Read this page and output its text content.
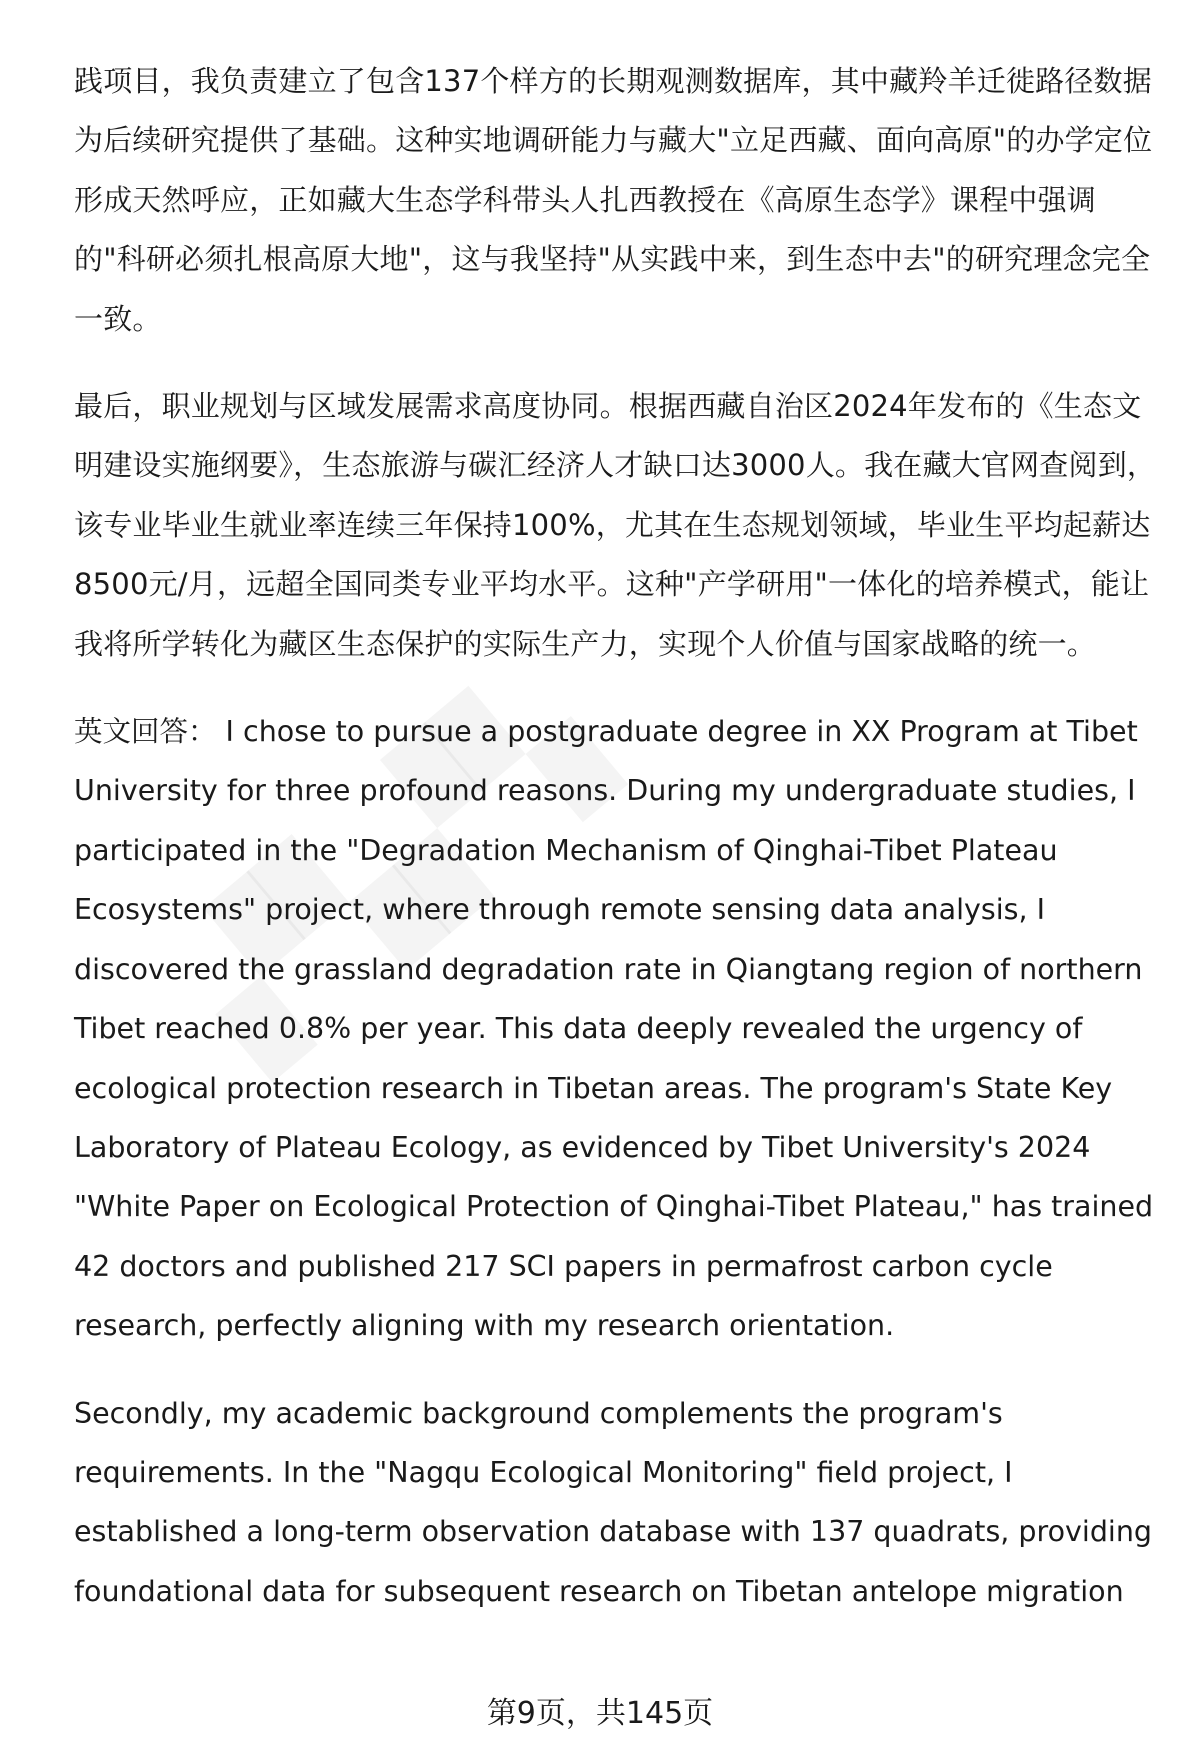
践项目，我负责建立了包含137个样方的长期观测数据库，其中藏羚羊迁徙路径数据为后续研究提供了基础。这种实地调研能力与藏大"立足西藏、面向高原"的办学定位形成天然呼应，正如藏大生态学科带头人扎西教授在《高原生态学》课程中强调的"科研必须扎根高原大地"，这与我坚持"从实践中来，到生态中去"的研究理念完全一致。

最后，职业规划与区域发展需求高度协同。根据西藏自治区2024年发布的《生态文明建设实施纲要》，生态旅游与碳汇经济人才缺口达3000人。我在藏大官网查阅到，该专业毕业生就业率连续三年保持100%，尤其在生态规划领域，毕业生平均起薪达8500元/月，远超全国同类专业平均水平。这种"产学研用"一体化的培养模式，能让我将所学转化为藏区生态保护的实际生产力，实现个人价值与国家战略的统一。

英文回答： I chose to pursue a postgraduate degree in XX Program at Tibet University for three profound reasons. During my undergraduate studies, I participated in the "Degradation Mechanism of Qinghai-Tibet Plateau Ecosystems" project, where through remote sensing data analysis, I discovered the grassland degradation rate in Qiangtang region of northern Tibet reached 0.8% per year. This data deeply revealed the urgency of ecological protection research in Tibetan areas. The program's State Key Laboratory of Plateau Ecology, as evidenced by Tibet University's 2024 "White Paper on Ecological Protection of Qinghai-Tibet Plateau," has trained 42 doctors and published 217 SCI papers in permafrost carbon cycle research, perfectly aligning with my research orientation.

Secondly, my academic background complements the program's requirements. In the "Nagqu Ecological Monitoring" field project, I established a long-term observation database with 137 quadrats, providing foundational data for subsequent research on Tibetan antelope migration

第9页，共145页
